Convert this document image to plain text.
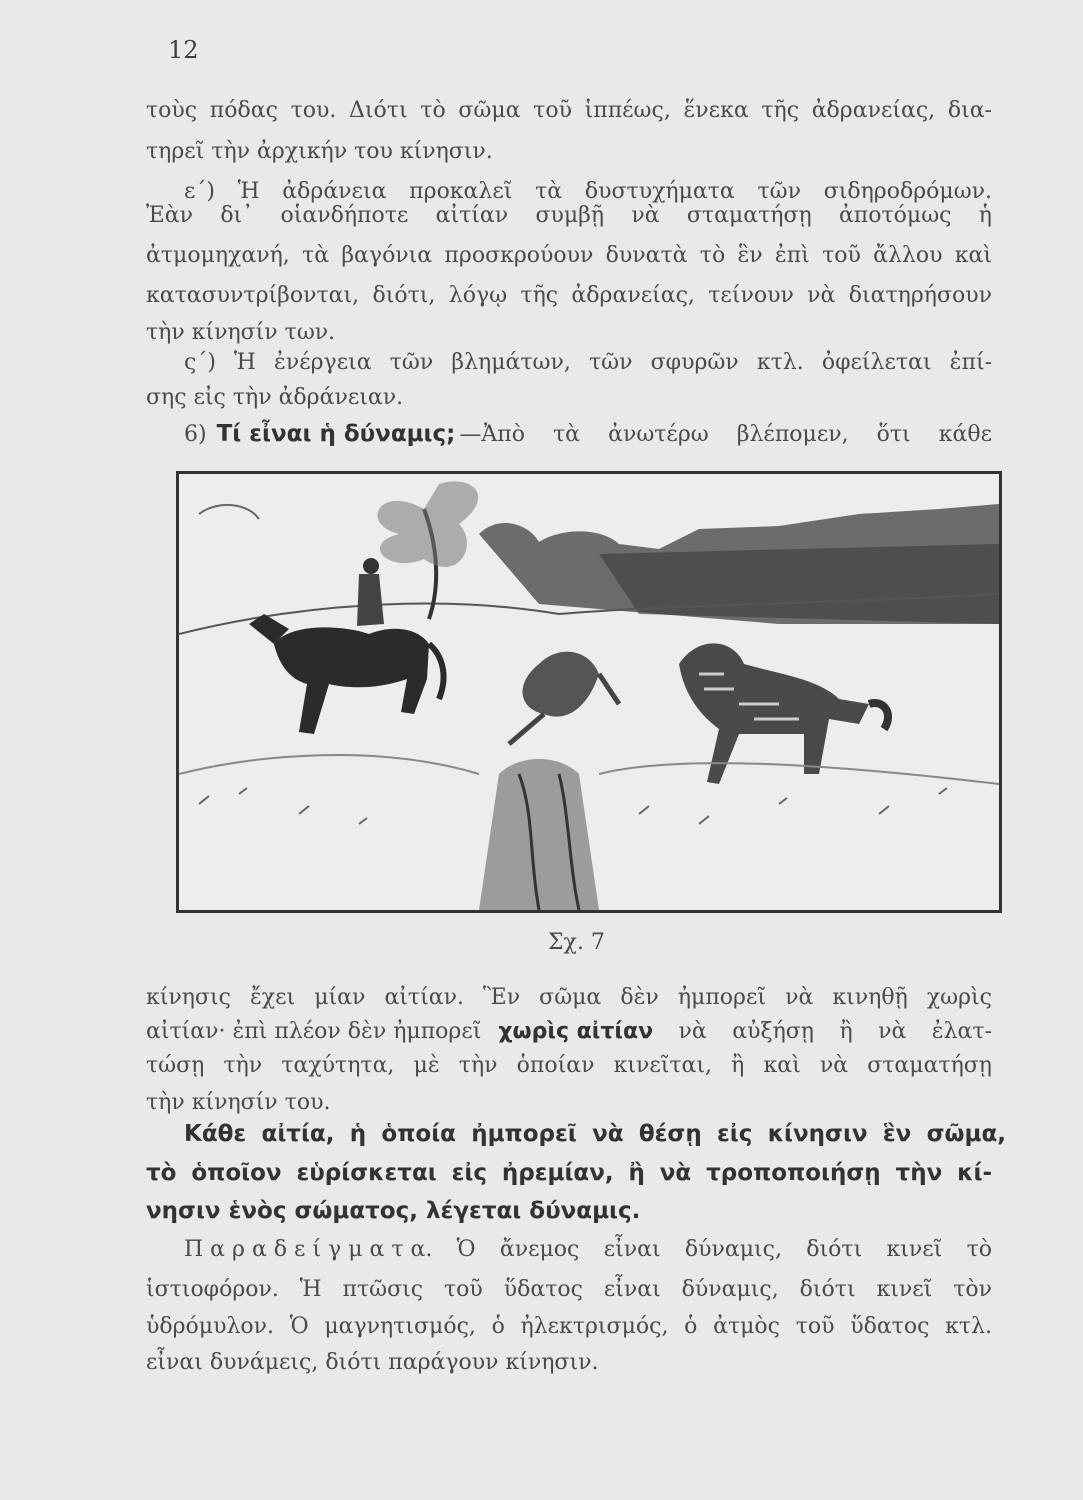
12
τοὺς πόδας του. Διότι τὸ σῶμα τοῦ ἱππέως, ἕνεκα τῆς ἀδρανείας, δια-
τηρεῖ τὴν ἀρχικήν του κίνησιν.
ε΄) Ἡ ἀδράνεια προκαλεῖ τὰ δυστυχήματα τῶν σιδηροδρόμων.
Ἐὰν δι᾽ οἱανδήποτε αἰτίαν συμβῇ νὰ σταματήσῃ ἀποτόμως ἡ
ἀτμομηχανή, τὰ βαγόνια προσκρούουν δυνατὰ τὸ ἓν ἐπὶ τοῦ ἄλλου καὶ
κατασυντρίβονται, διότι, λόγῳ τῆς ἀδρανείας, τείνουν νὰ διατηρήσουν
τὴν κίνησίν των.
ς΄) Ἡ ἐνέργεια τῶν βλημάτων, τῶν σφυρῶν κτλ. ὀφείλεται ἐπί-
σης εἰς τὴν ἀδράνειαν.
6) Τί εἶναι ἡ δύναμις; —Ἀπὸ τὰ ἀνωτέρω βλέπομεν, ὅτι κάθε
Σχ. 7
κίνησις ἔχει μίαν αἰτίαν. Ἓν σῶμα δὲν ἠμπορεῖ νὰ κινηθῇ χωρὶς
αἰτίαν· ἐπὶ πλέον δὲν ἠμπορεῖ χωρὶς αἰτίαν νὰ αὐξήσῃ ἢ νὰ ἐλατ-
τώσῃ τὴν ταχύτητα, μὲ τὴν ὁποίαν κινεῖται, ἢ καὶ νὰ σταματήσῃ
τὴν κίνησίν του.
Κάθε αἰτία, ἡ ὁποία ἠμπορεῖ νὰ θέσῃ εἰς κίνησιν ἓν σῶμα,
τὸ ὁποῖον εὑρίσκεται εἰς ἠρεμίαν, ἢ νὰ τροποποιήσῃ τὴν κί-
νησιν ἑνὸς σώματος, λέγεται δύναμις.
Π α ρ α δ ε ί γ μ α τ α. Ὁ ἄνεμος εἶναι δύναμις, διότι κινεῖ τὸ
ἱστιοφόρον. Ἡ πτῶσις τοῦ ὕδατος εἶναι δύναμις, διότι κινεῖ τὸν
ὑδρόμυλον. Ὁ μαγνητισμός, ὁ ἠλεκτρισμός, ὁ ἀτμὸς τοῦ ὕδατος κτλ.
εἶναι δυνάμεις, διότι παράγουν κίνησιν.
